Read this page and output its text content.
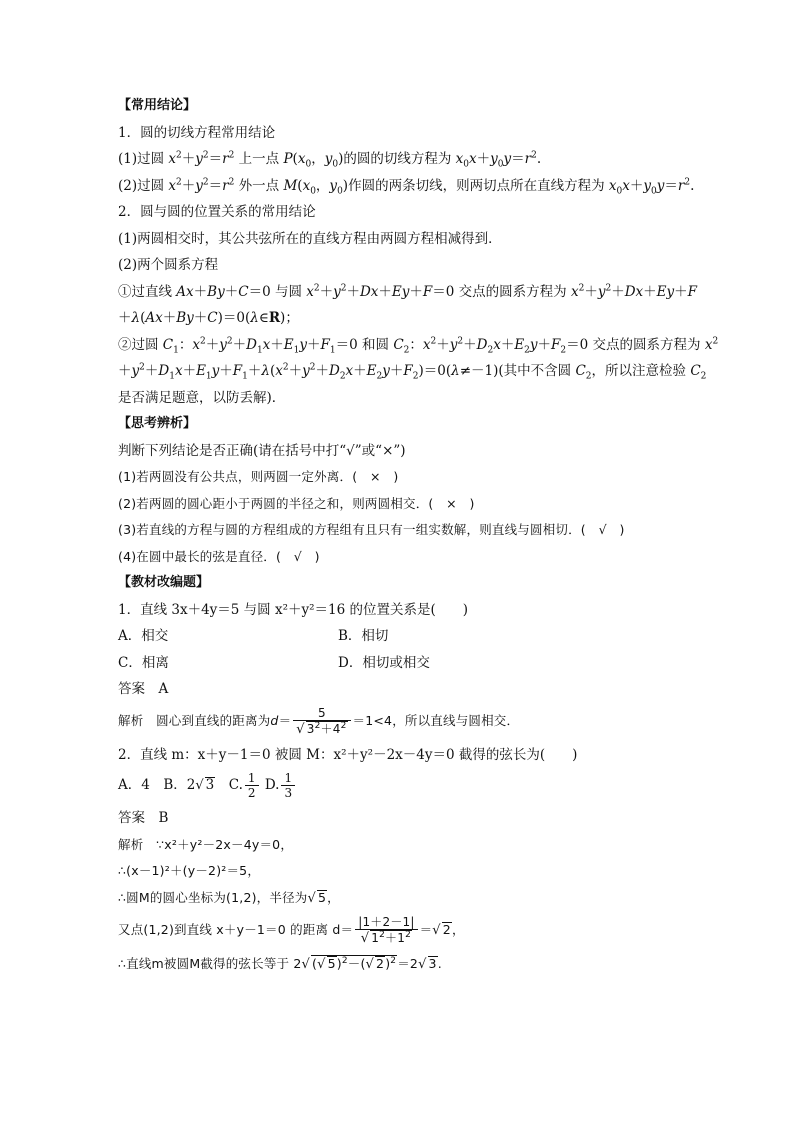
【常用结论】
1．圆的切线方程常用结论
(1)过圆 $x^2+y^2=r^2$ 上一点 $P(x_0$，$y_0$)的圆的切线方程为 $x_0x+y_0y=r^2$.
(2)过圆 $x^2+y^2=r^2$ 外一点 $M(x_0$，$y_0$)作圆的两条切线，则两切点所在直线方程为 $x_0x+y_0y=r^2$.
2．圆与圆的位置关系的常用结论
(1)两圆相交时，其公共弦所在的直线方程由两圆方程相减得到．
(2)两个圆系方程
①过直线 Ax＋By＋C＝0 与圆 $x^2+y^2+Dx+Ey+F=0$ 交点的圆系方程为 $x^2+y^2+Dx+Ey+F$
＋λ(Ax＋By＋C)＝0(λ∈R)；
②过圆 $C_1$：$x^2+y^2+D_1x+E_1y+F_1=0$ 和圆 $C_2$：$x^2+y^2+D_2x+E_2y+F_2=0$ 交点的圆系方程为 $x^2$
$+y^2+D_1x+E_1y+F_1+\lambda(x^2+y^2+D_2x+E_2y+F_2)=0(\lambda\ne-1)$(其中不含圆 $C_2$，所以注意检验 $C_2$
是否满足题意，以防丢解)．
【思考辨析】
判断下列结论是否正确(请在括号中打“√”或“×”)
(1)若两圆没有公共点，则两圆一定外离．(　×　)
(2)若两圆的圆心距小于两圆的半径之和，则两圆相交．(　×　)
(3)若直线的方程与圆的方程组成的方程组有且只有一组实数解，则直线与圆相切．(　√　)
(4)在圆中最长的弦是直径．(　√　)
【教材改编题】
1．直线 3x＋4y＝5 与圆 x²＋y²＝16 的位置关系是(　　)
A．相交	B．相切
C．相离	D．相切或相交
答案　A
解析　 圆心到直线的距离为$d= \frac{5}{√ 3^2+4^2} =1<4$，所以直线与圆相交．
2．直线 m：x＋y－1＝0 被圆 M：x²＋y²－2x－4y＝0 截得的弦长为(　　)
A．4　B．2√ 3　C. $\frac{1}{2} D$. $\frac{1}{3}$
答案　B
解析　 ∵x²＋y²－2x－4y＝0，
∴(x－1)²＋(y－2)²＝5，
∴圆M的圆心坐标为(1,2)，半径为√ 5，
又点(1,2)到直线 x＋y－1＝0 的距离 $d= \frac{|1+2-1|}{√ 1^2+1^2}$ ＝√ 2，
∴直线m被圆M截得的弦长等于 2√ (√ 5)$^2$－(√ 2)$^2$＝2√ 3.
